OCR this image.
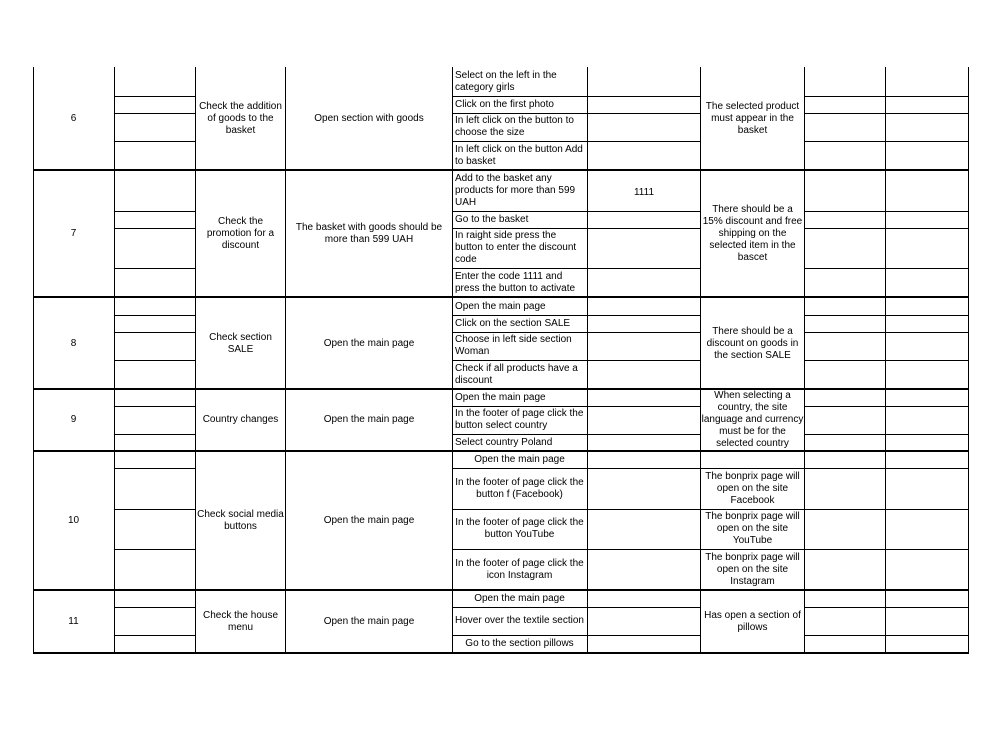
6
Check the addition of goods to the basket
Open section with goods
Select on the left in the category girls
Click on the first photo
In left click on the button to choose the size
In left click on the button Add to basket
The selected product must appear in the basket
7
Check the promotion for a discount
The basket with goods should be more than 599 UAH
Add to the basket any products for more than 599 UAH
Go to the basket
In raight side press the button to enter the discount code
Enter the code 1111 and press the button to activate
1111
There should be a 15% discount and free shipping on the selected item in the bascet
8
Check section SALE
Open the main page
Open the main page
Click on the section SALE
Choose in left side section Woman
Check if all products have a discount
There should be a discount on goods in the section SALE
9	Country changes	Open the main page
Open the main page
In the footer of page click the button select country
Select country Poland
When selecting a country, the site language and currency must be for the selected country
10
Check social media buttons
Open the main page
Open the main page
In the footer of page click the button f (Facebook)
In the footer of page click the button YouTube
In the footer of page click the icon Instagram
The bonprix page will open on the site Facebook
The bonprix page will open on the site YouTube
The bonprix page will open on the site Instagram
11
Check the house menu
Open the main page
Open the main page
Hover over the textile section
Go to the section pillows
Has open a section of pillows
